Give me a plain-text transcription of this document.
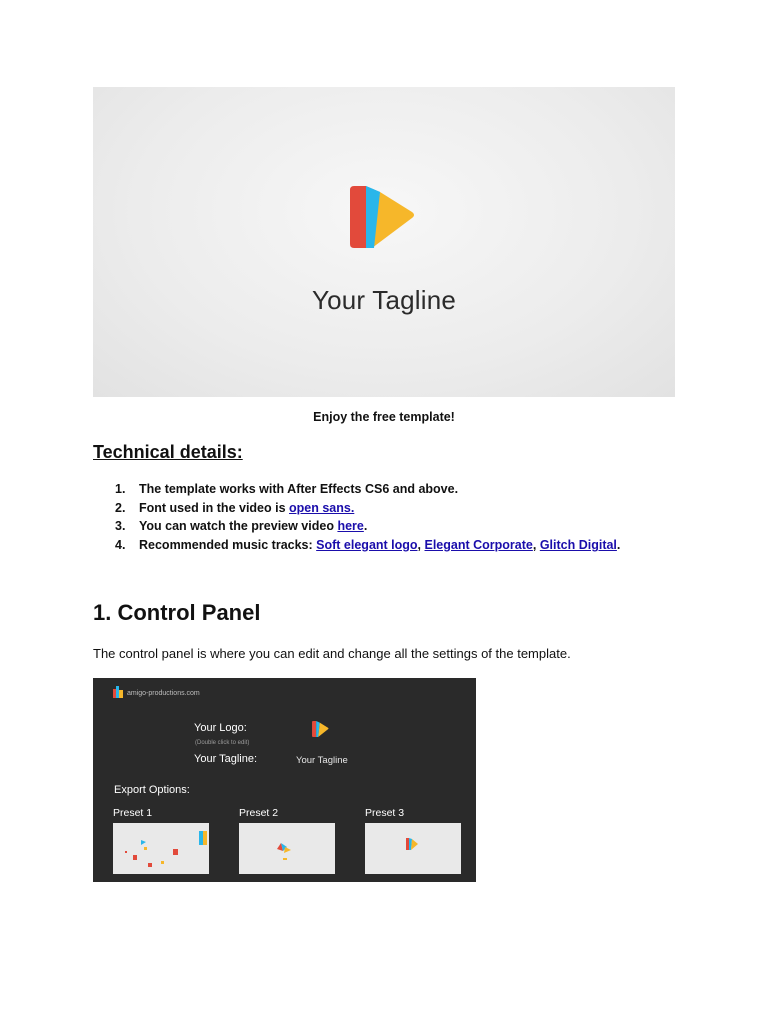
Your Tagline
Enjoy the free template!
Technical details:
1. The template works with After Effects CS6 and above.
2. Font used in the video is open sans.
3. You can watch the preview video here.
4. Recommended music tracks: Soft elegant logo, Elegant Corporate, Glitch Digital.
1. Control Panel
The control panel is where you can edit and change all the settings of the template.
amigo-productions.com
Your Logo:
(Double click to edit)
Your Tagline:	Your Tagline
Export Options:
Preset 1	Preset 2	Preset 3
